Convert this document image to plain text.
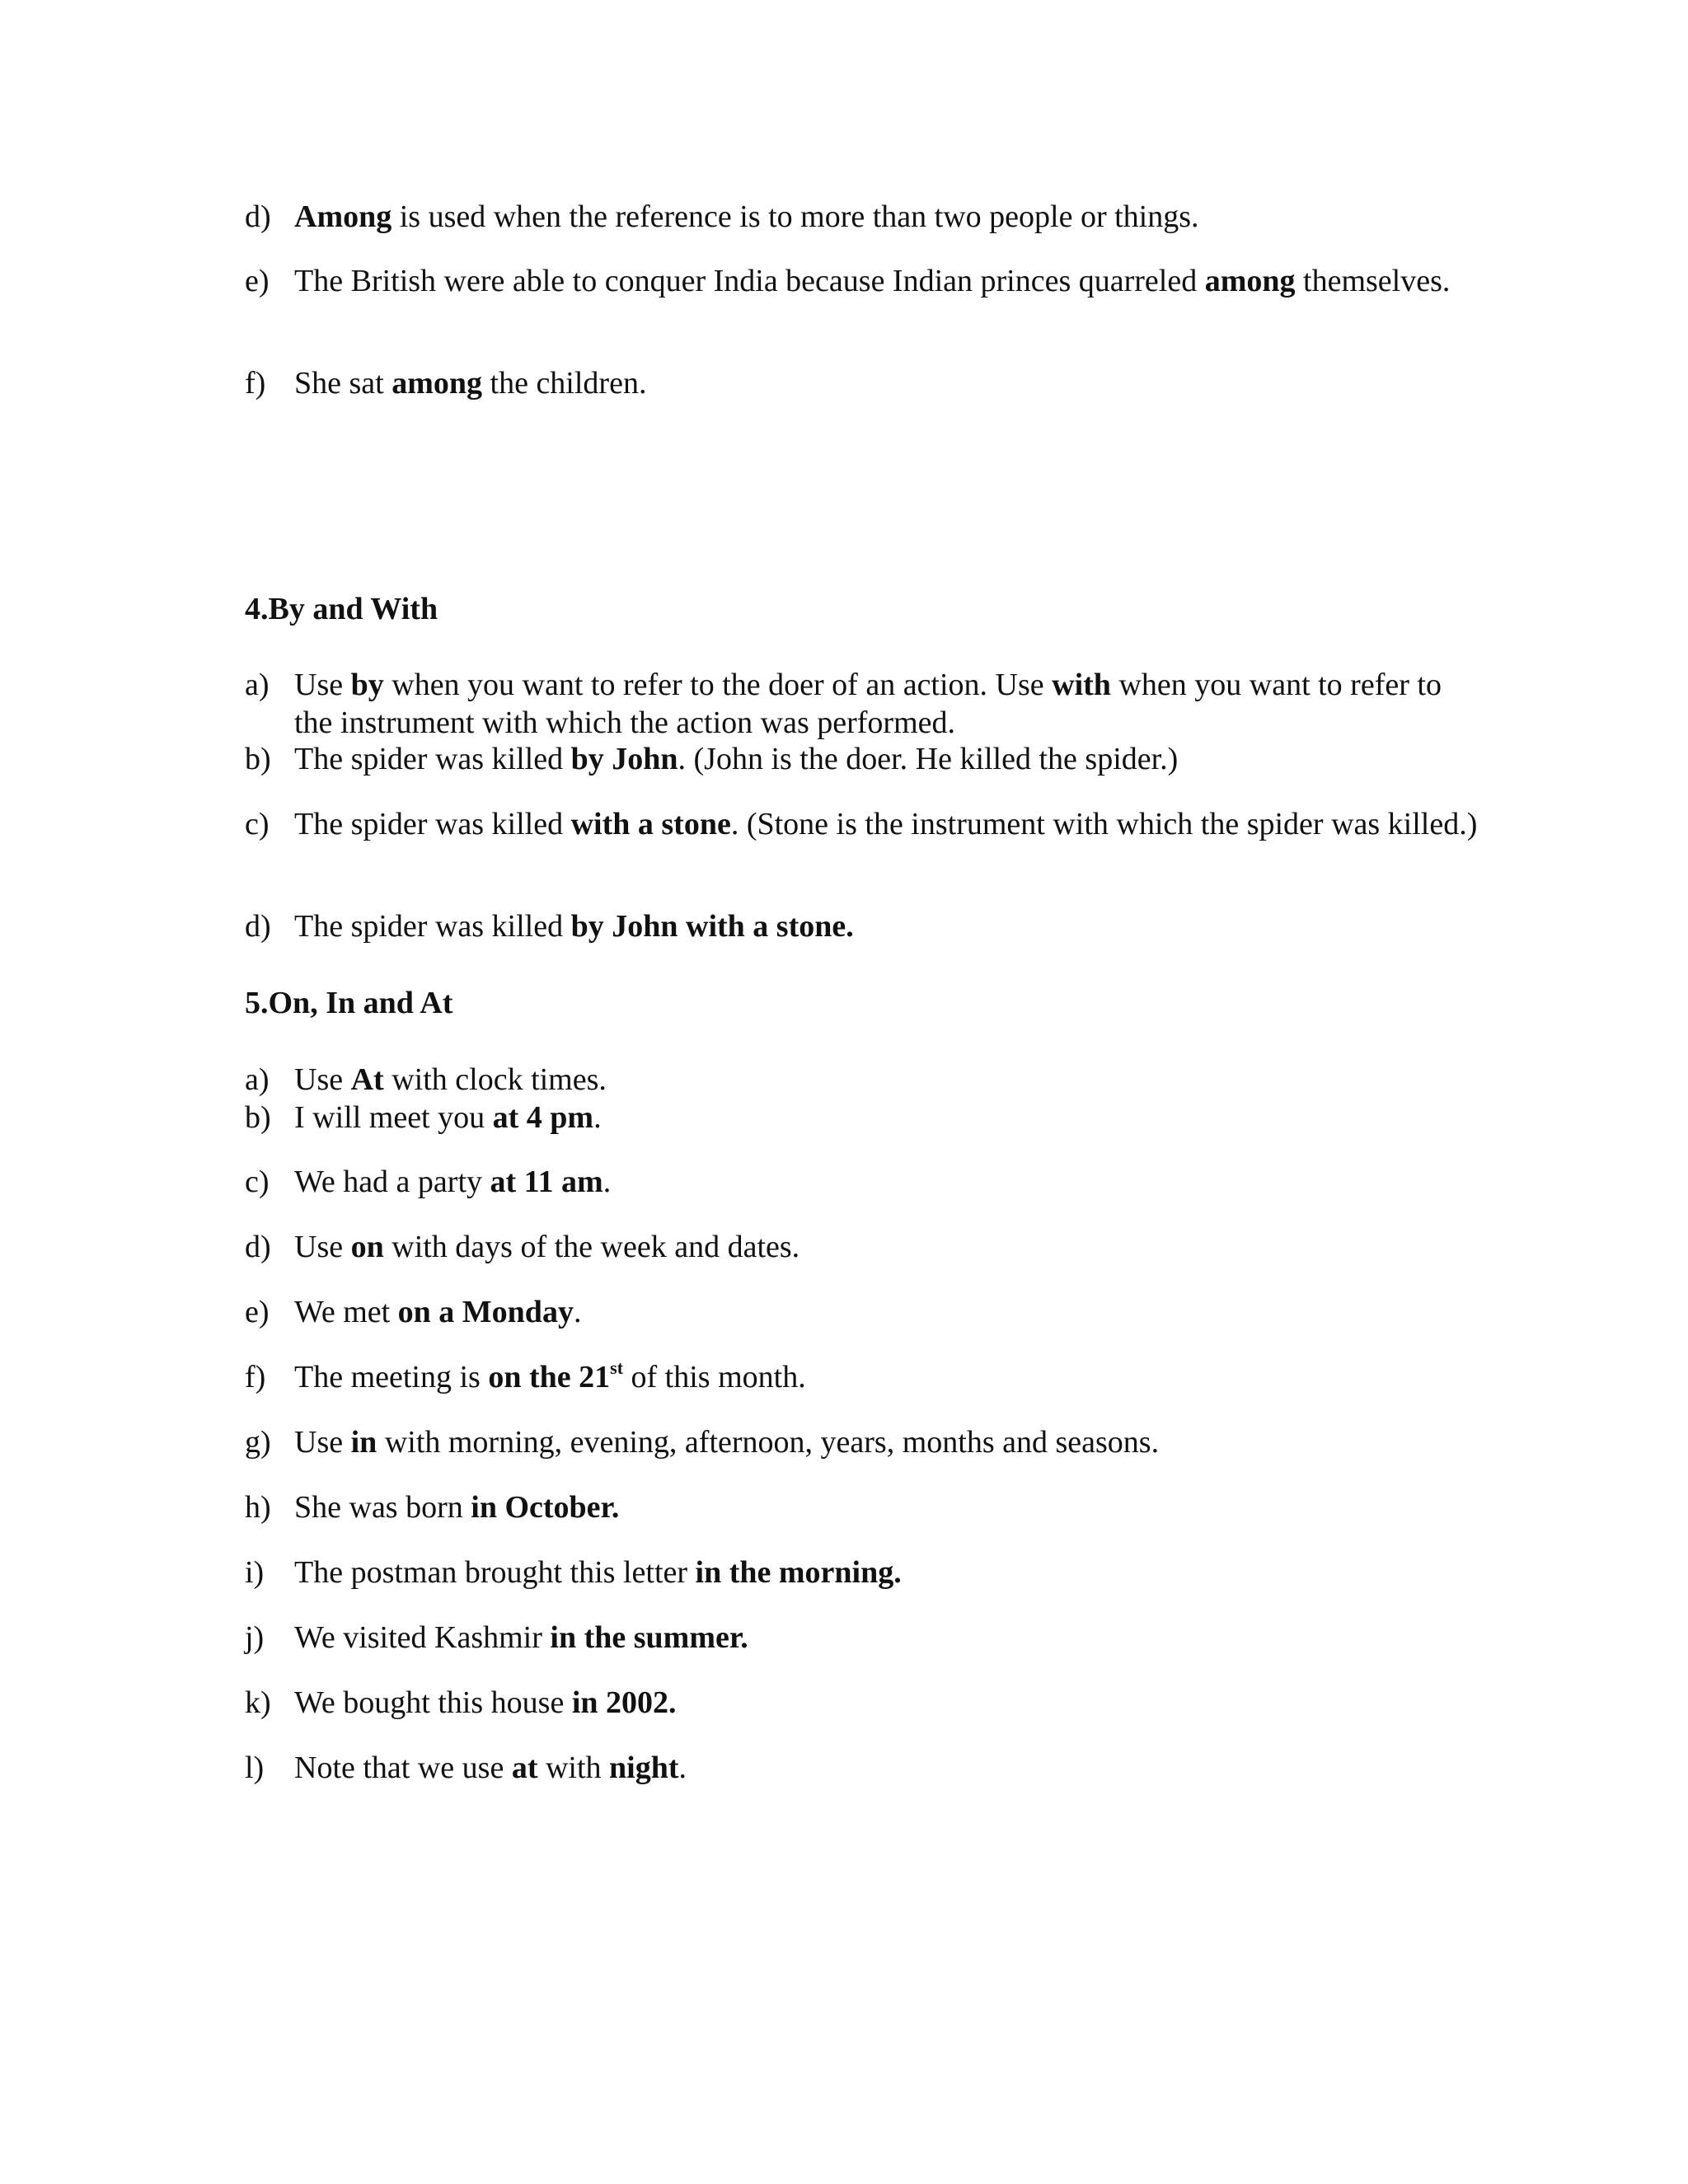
d) Among is used when the reference is to more than two people or things.
e) The British were able to conquer India because Indian princes quarreled among themselves.
f) She sat among the children.
4.By and With
a) Use by when you want to refer to the doer of an action. Use with when you want to refer to the instrument with which the action was performed.
b) The spider was killed by John. (John is the doer. He killed the spider.)
c) The spider was killed with a stone. (Stone is the instrument with which the spider was killed.)
d) The spider was killed by John with a stone.
5.On, In and At
a) Use At with clock times.
b) I will meet you at 4 pm.
c) We had a party at 11 am.
d) Use on with days of the week and dates.
e) We met on a Monday.
f) The meeting is on the 21st of this month.
g) Use in with morning, evening, afternoon, years, months and seasons.
h) She was born in October.
i) The postman brought this letter in the morning.
j) We visited Kashmir in the summer.
k) We bought this house in 2002.
l) Note that we use at with night.
